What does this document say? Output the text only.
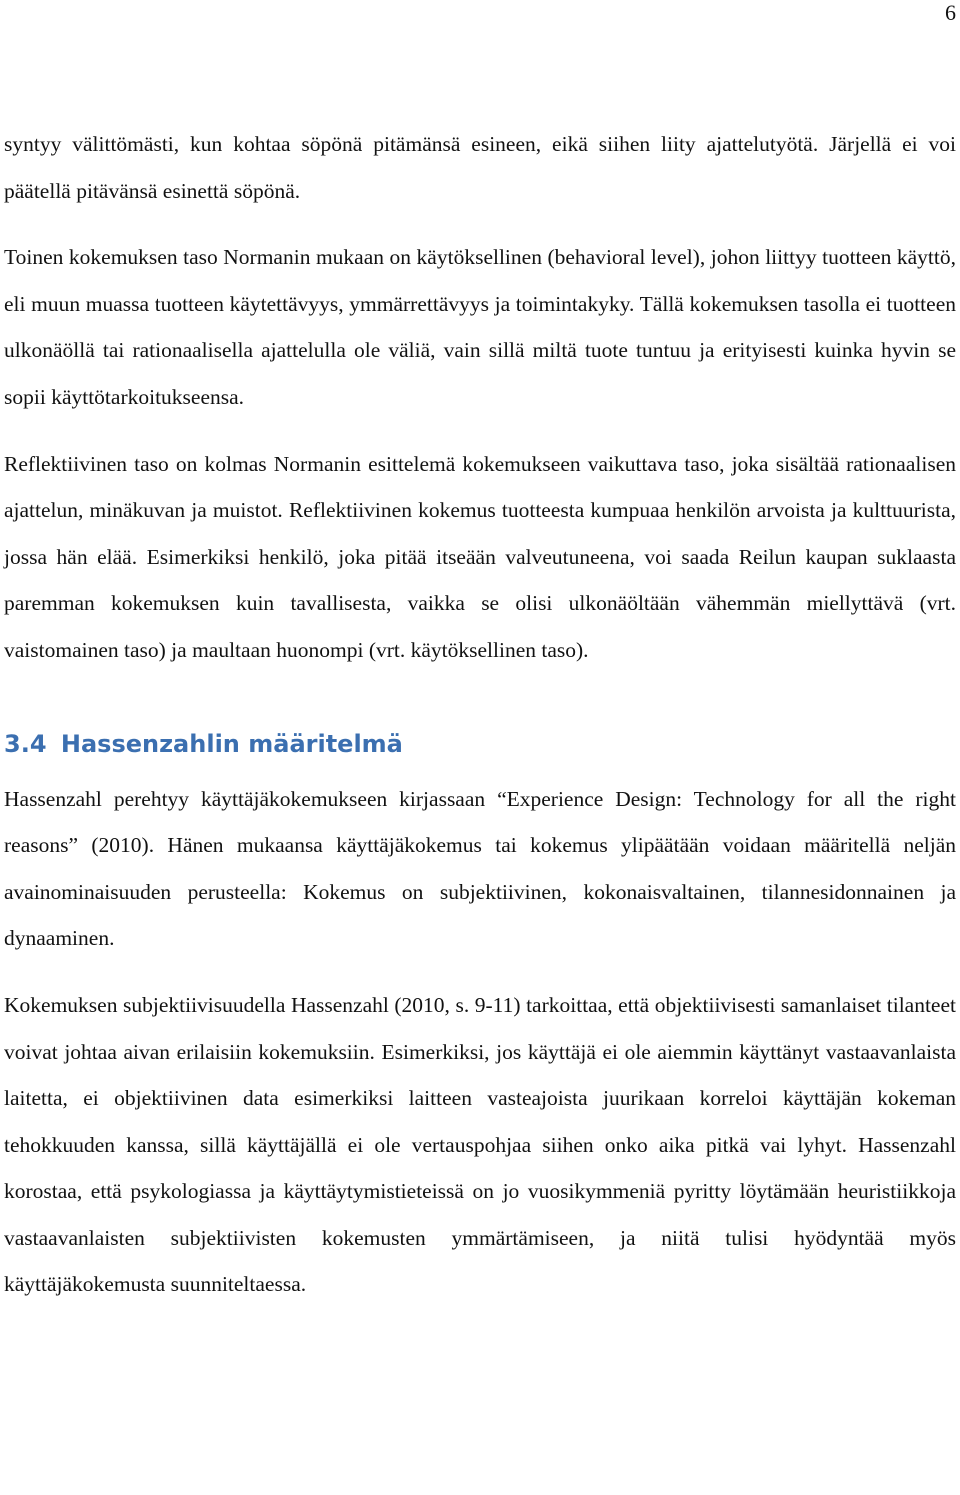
6

syntyy välittömästi, kun kohtaa söpönä pitämänsä esineen, eikä siihen liity ajattelutyötä. Järjellä ei voi päätellä pitävänsä esinettä söpönä.

Toinen kokemuksen taso Normanin mukaan on käytöksellinen (behavioral level), johon liittyy tuotteen käyttö, eli muun muassa tuotteen käytettävyys, ymmärrettävyys ja toimintakyky. Tällä kokemuksen tasolla ei tuotteen ulkonäöllä tai rationaalisella ajattelulla ole väliä, vain sillä miltä tuote tuntuu ja erityisesti kuinka hyvin se sopii käyttötarkoitukseensa.

Reflektiivinen taso on kolmas Normanin esittelemä kokemukseen vaikuttava taso, joka sisältää rationaalisen ajattelun, minäkuvan ja muistot. Reflektiivinen kokemus tuotteesta kumpuaa henkilön arvoista ja kulttuurista, jossa hän elää. Esimerkiksi henkilö, joka pitää itseään valveutuneena, voi saada Reilun kaupan suklaasta paremman kokemuksen kuin tavallisesta, vaikka se olisi ulkonäöltään vähemmän miellyttävä (vrt. vaistomainen taso) ja maultaan huonompi (vrt. käytöksellinen taso).

3.4 Hassenzahlin määritelmä

Hassenzahl perehtyy käyttäjäkokemukseen kirjassaan “Experience Design: Technology for all the right reasons” (2010). Hänen mukaansa käyttäjäkokemus tai kokemus ylipäätään voidaan määritellä neljän avainominaisuuden perusteella: Kokemus on subjektiivinen, kokonaisvaltainen, tilannesidonnainen ja dynaaminen.

Kokemuksen subjektiivisuudella Hassenzahl (2010, s. 9-11) tarkoittaa, että objektiivisesti samanlaiset tilanteet voivat johtaa aivan erilaisiin kokemuksiin. Esimerkiksi, jos käyttäjä ei ole aiemmin käyttänyt vastaavanlaista laitetta, ei objektiivinen data esimerkiksi laitteen vasteajoista juurikaan korreloi käyttäjän kokeman tehokkuuden kanssa, sillä käyttäjällä ei ole vertauspohjaa siihen onko aika pitkä vai lyhyt. Hassenzahl korostaa, että psykologiassa ja käyttäytymistieteissä on jo vuosikymmeniä pyritty löytämään heuristiikkoja vastaavanlaisten subjektiivisten kokemusten ymmärtämiseen, ja niitä tulisi hyödyntää myös käyttäjäkokemusta suunniteltaessa.
